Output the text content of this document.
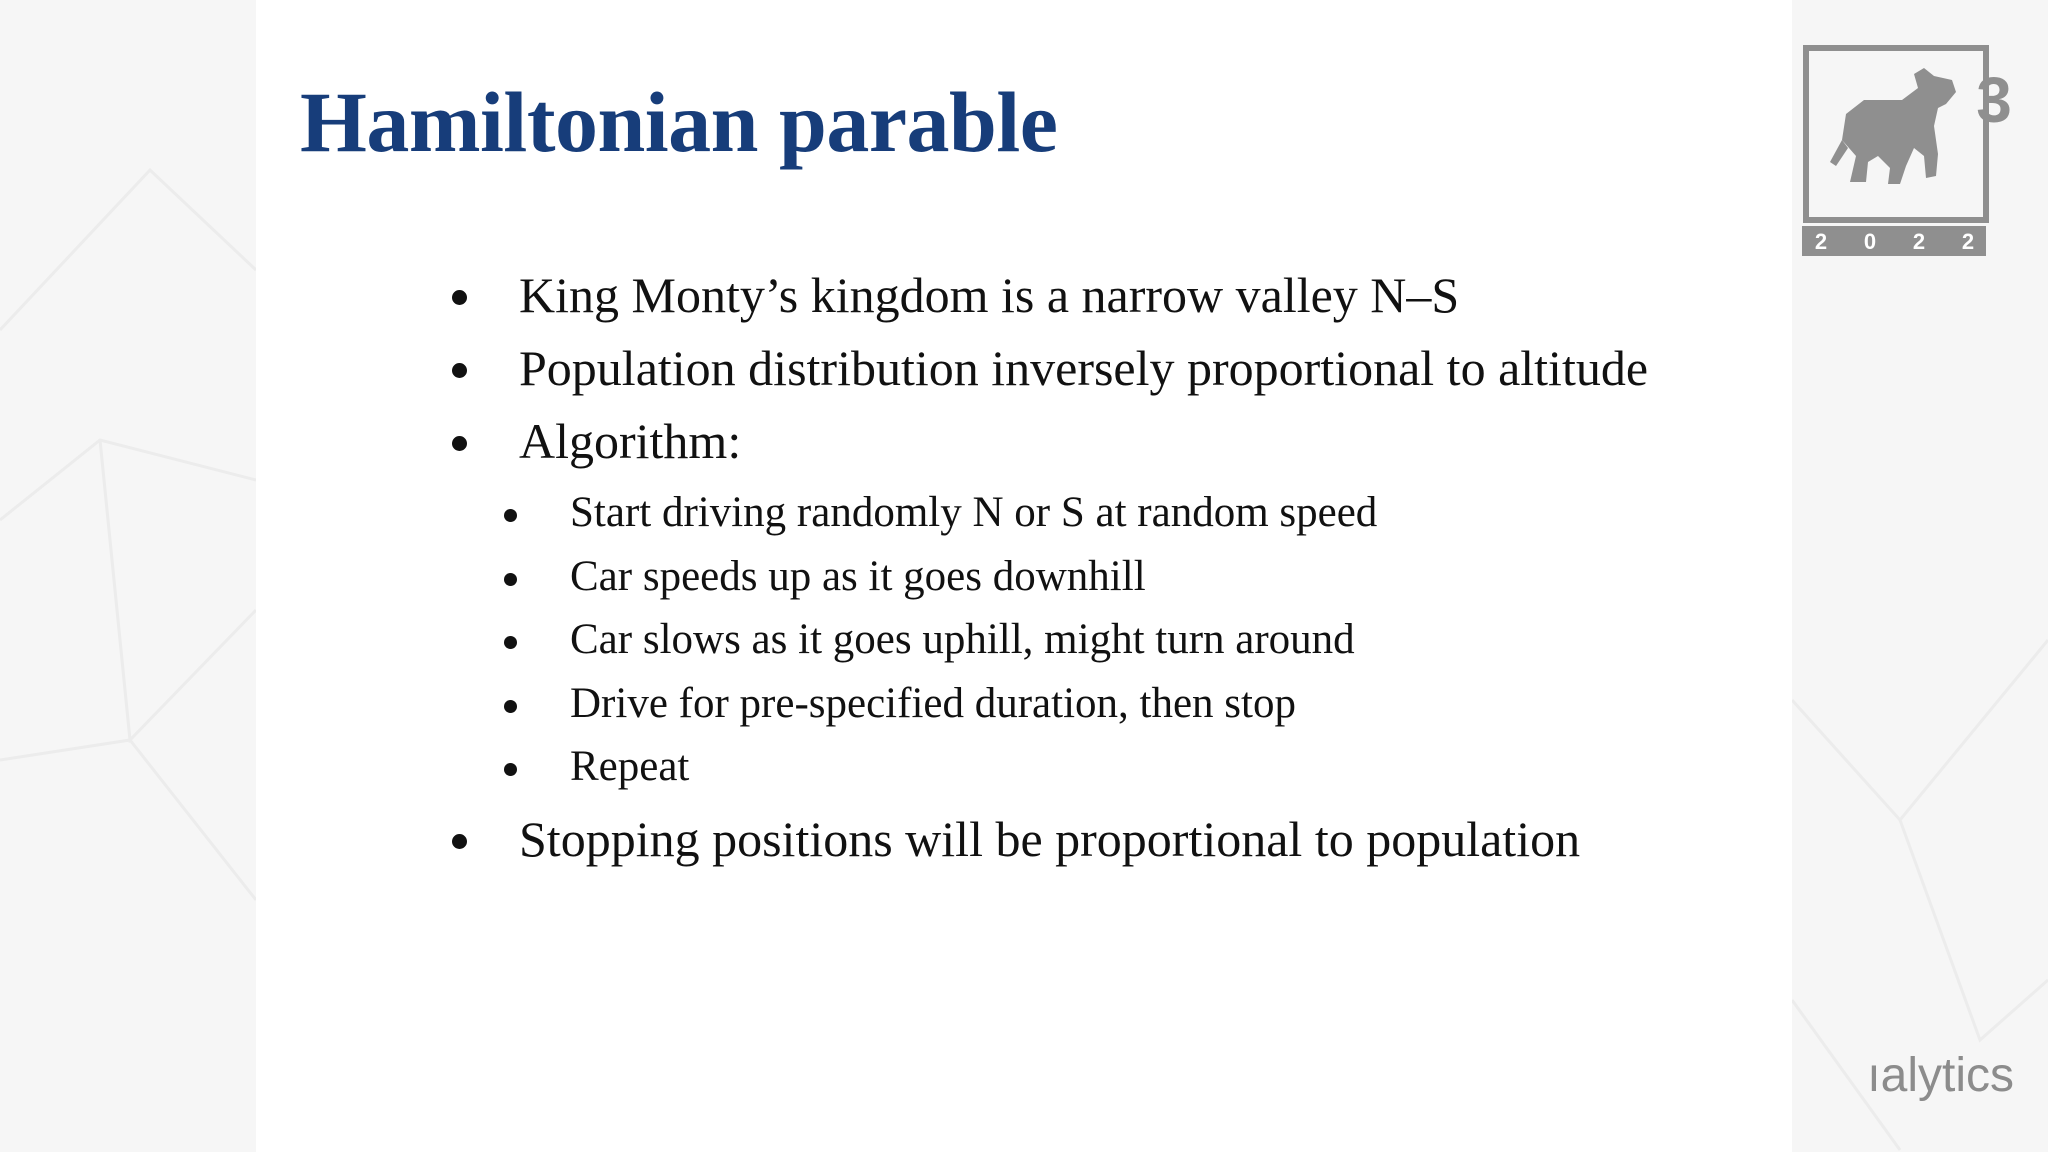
Hamiltonian parable
King Monty’s kingdom is a narrow valley N–S
Population distribution inversely proportional to altitude
Algorithm:
Start driving randomly N or S at random speed
Car speeds up as it goes downhill
Car slows as it goes uphill, might turn around
Drive for pre-specified duration, then stop
Repeat
Stopping positions will be proportional to population
3
2 0 2 2
ıalytics
